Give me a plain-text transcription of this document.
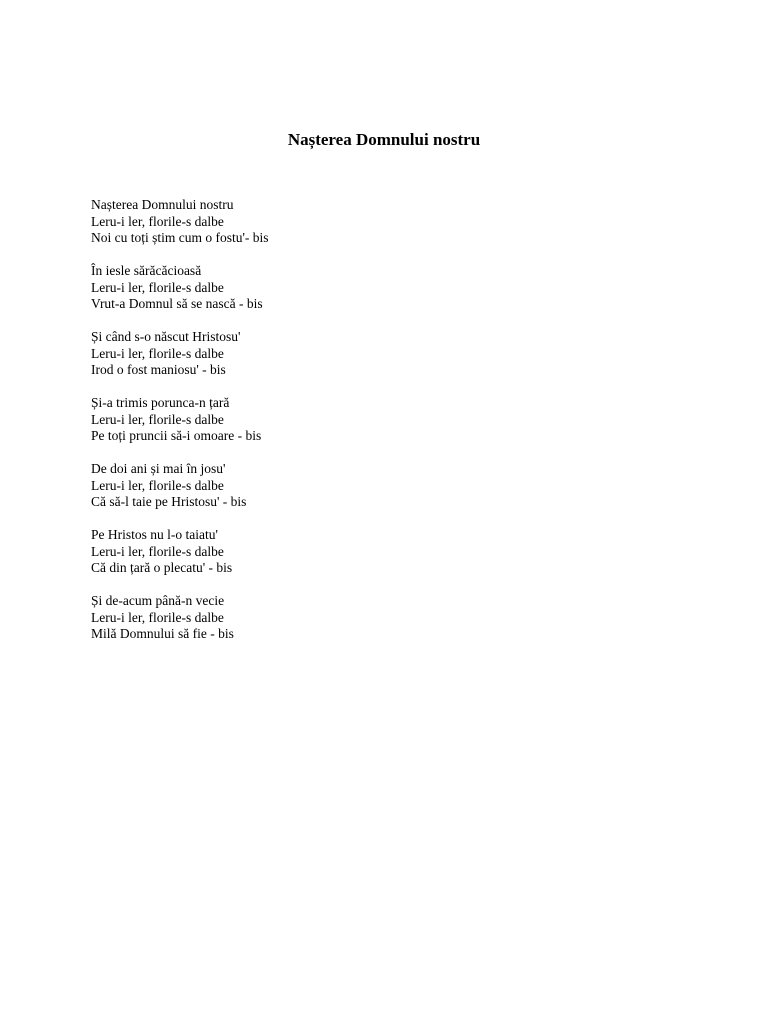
Nașterea Domnului nostru
Nașterea Domnului nostru
Leru-i ler, florile-s dalbe
Noi cu toți știm cum o fostu'- bis
În iesle sărăcăcioasă
Leru-i ler, florile-s dalbe
Vrut-a Domnul să se nască - bis
Și când s-o născut Hristosu'
Leru-i ler, florile-s dalbe
Irod o fost maniosu' - bis
Și-a trimis porunca-n țară
Leru-i ler, florile-s dalbe
Pe toți pruncii să-i omoare - bis
De doi ani și mai în josu'
Leru-i ler, florile-s dalbe
Că să-l taie pe Hristosu' - bis
Pe Hristos nu l-o taiatu'
Leru-i ler, florile-s dalbe
Că din țară o plecatu' - bis
Și de-acum până-n vecie
Leru-i ler, florile-s dalbe
Milă Domnului să fie - bis
